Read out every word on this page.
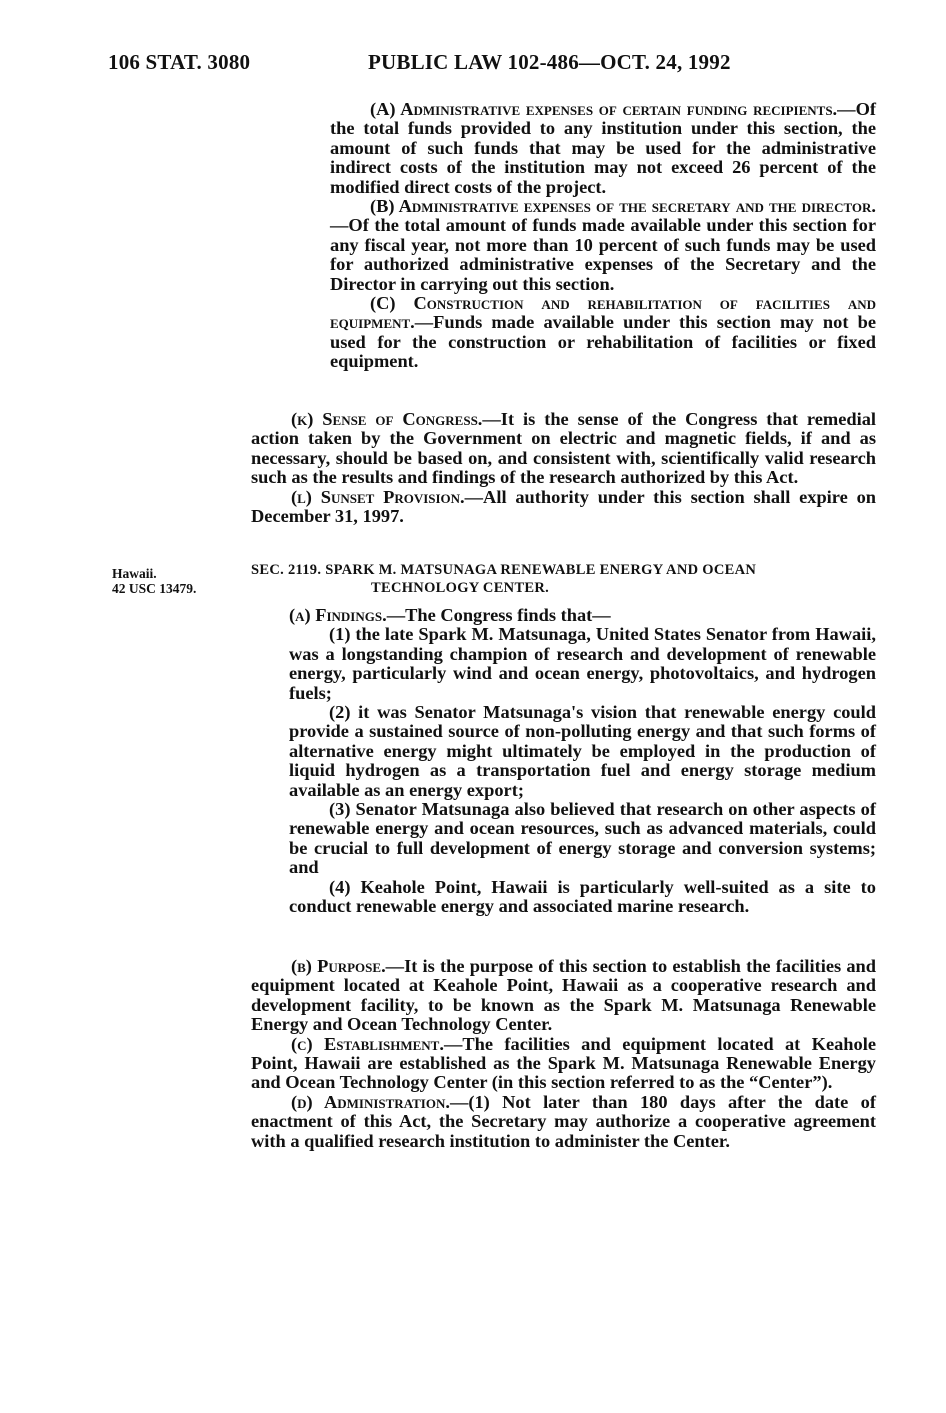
106 STAT. 3080	PUBLIC LAW 102-486—OCT. 24, 1992

(A) Administrative expenses of certain funding recipients.—Of the total funds provided to any institution under this section, the amount of such funds that may be used for the administrative indirect costs of the institution may not exceed 26 percent of the modified direct costs of the project.

(B) Administrative expenses of the secretary and the director.—Of the total amount of funds made available under this section for any fiscal year, not more than 10 percent of such funds may be used for authorized administrative expenses of the Secretary and the Director in carrying out this section.

(C) Construction and rehabilitation of facilities and equipment.—Funds made available under this section may not be used for the construction or rehabilitation of facilities or fixed equipment.

(k) Sense of Congress.—It is the sense of the Congress that remedial action taken by the Government on electric and magnetic fields, if and as necessary, should be based on, and consistent with, scientifically valid research such as the results and findings of the research authorized by this Act.

(l) Sunset Provision.—All authority under this section shall expire on December 31, 1997.

Hawaii.
42 USC 13479.
SEC. 2119. SPARK M. MATSUNAGA RENEWABLE ENERGY AND OCEAN
TECHNOLOGY CENTER.

(a) Findings.—The Congress finds that—

(1) the late Spark M. Matsunaga, United States Senator from Hawaii, was a longstanding champion of research and development of renewable energy, particularly wind and ocean energy, photovoltaics, and hydrogen fuels;

(2) it was Senator Matsunaga's vision that renewable energy could provide a sustained source of non-polluting energy and that such forms of alternative energy might ultimately be employed in the production of liquid hydrogen as a transportation fuel and energy storage medium available as an energy export;

(3) Senator Matsunaga also believed that research on other aspects of renewable energy and ocean resources, such as advanced materials, could be crucial to full development of energy storage and conversion systems; and

(4) Keahole Point, Hawaii is particularly well-suited as a site to conduct renewable energy and associated marine research.

(b) Purpose.—It is the purpose of this section to establish the facilities and equipment located at Keahole Point, Hawaii as a cooperative research and development facility, to be known as the Spark M. Matsunaga Renewable Energy and Ocean Technology Center.

(c) Establishment.—The facilities and equipment located at Keahole Point, Hawaii are established as the Spark M. Matsunaga Renewable Energy and Ocean Technology Center (in this section referred to as the “Center”).

(d) Administration.—(1) Not later than 180 days after the date of enactment of this Act, the Secretary may authorize a cooperative agreement with a qualified research institution to administer the Center.
